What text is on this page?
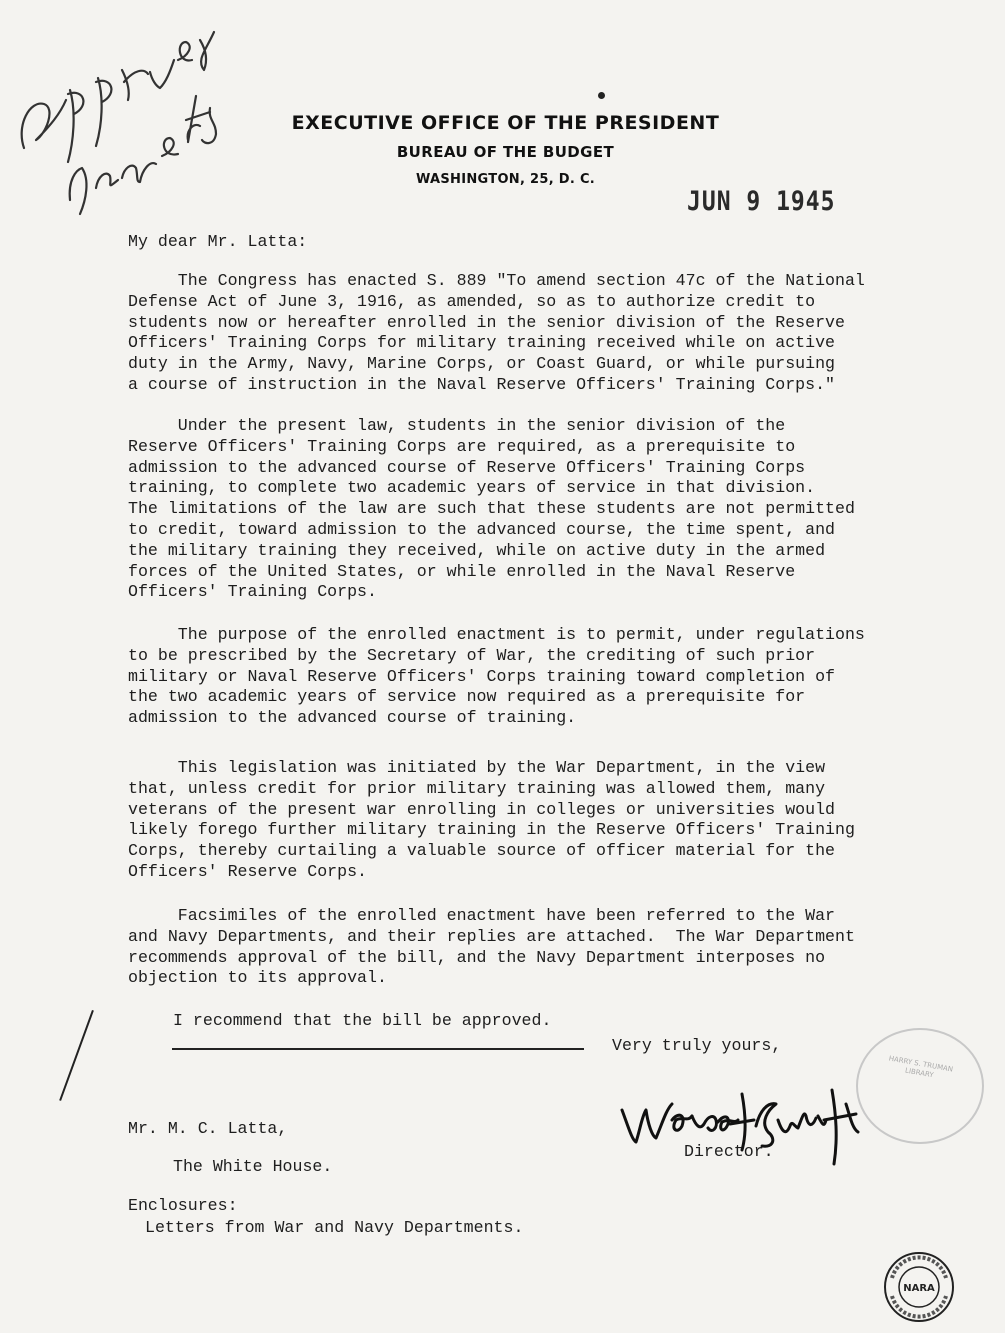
EXECUTIVE OFFICE OF THE PRESIDENT
BUREAU OF THE BUDGET
WASHINGTON, 25, D. C.
JUN 9 1945
My dear Mr. Latta:
The Congress has enacted S. 889 "To amend section 47c of the National
Defense Act of June 3, 1916, as amended, so as to authorize credit to
students now or hereafter enrolled in the senior division of the Reserve
Officers' Training Corps for military training received while on active
duty in the Army, Navy, Marine Corps, or Coast Guard, or while pursuing
a course of instruction in the Naval Reserve Officers' Training Corps."
Under the present law, students in the senior division of the
Reserve Officers' Training Corps are required, as a prerequisite to
admission to the advanced course of Reserve Officers' Training Corps
training, to complete two academic years of service in that division.
The limitations of the law are such that these students are not permitted
to credit, toward admission to the advanced course, the time spent, and
the military training they received, while on active duty in the armed
forces of the United States, or while enrolled in the Naval Reserve
Officers' Training Corps.
The purpose of the enrolled enactment is to permit, under regulations
to be prescribed by the Secretary of War, the crediting of such prior
military or Naval Reserve Officers' Corps training toward completion of
the two academic years of service now required as a prerequisite for
admission to the advanced course of training.
This legislation was initiated by the War Department, in the view
that, unless credit for prior military training was allowed them, many
veterans of the present war enrolling in colleges or universities would
likely forego further military training in the Reserve Officers' Training
Corps, thereby curtailing a valuable source of officer material for the
Officers' Reserve Corps.
Facsimiles of the enrolled enactment have been referred to the War
and Navy Departments, and their replies are attached.  The War Department
recommends approval of the bill, and the Navy Department interposes no
objection to its approval.
I recommend that the bill be approved.
Very truly yours,
Director.
Mr. M. C. Latta,
The White House.
Enclosures:
Letters from War and Navy Departments.
HARRY S. TRUMAN LIBRARY
NARA
